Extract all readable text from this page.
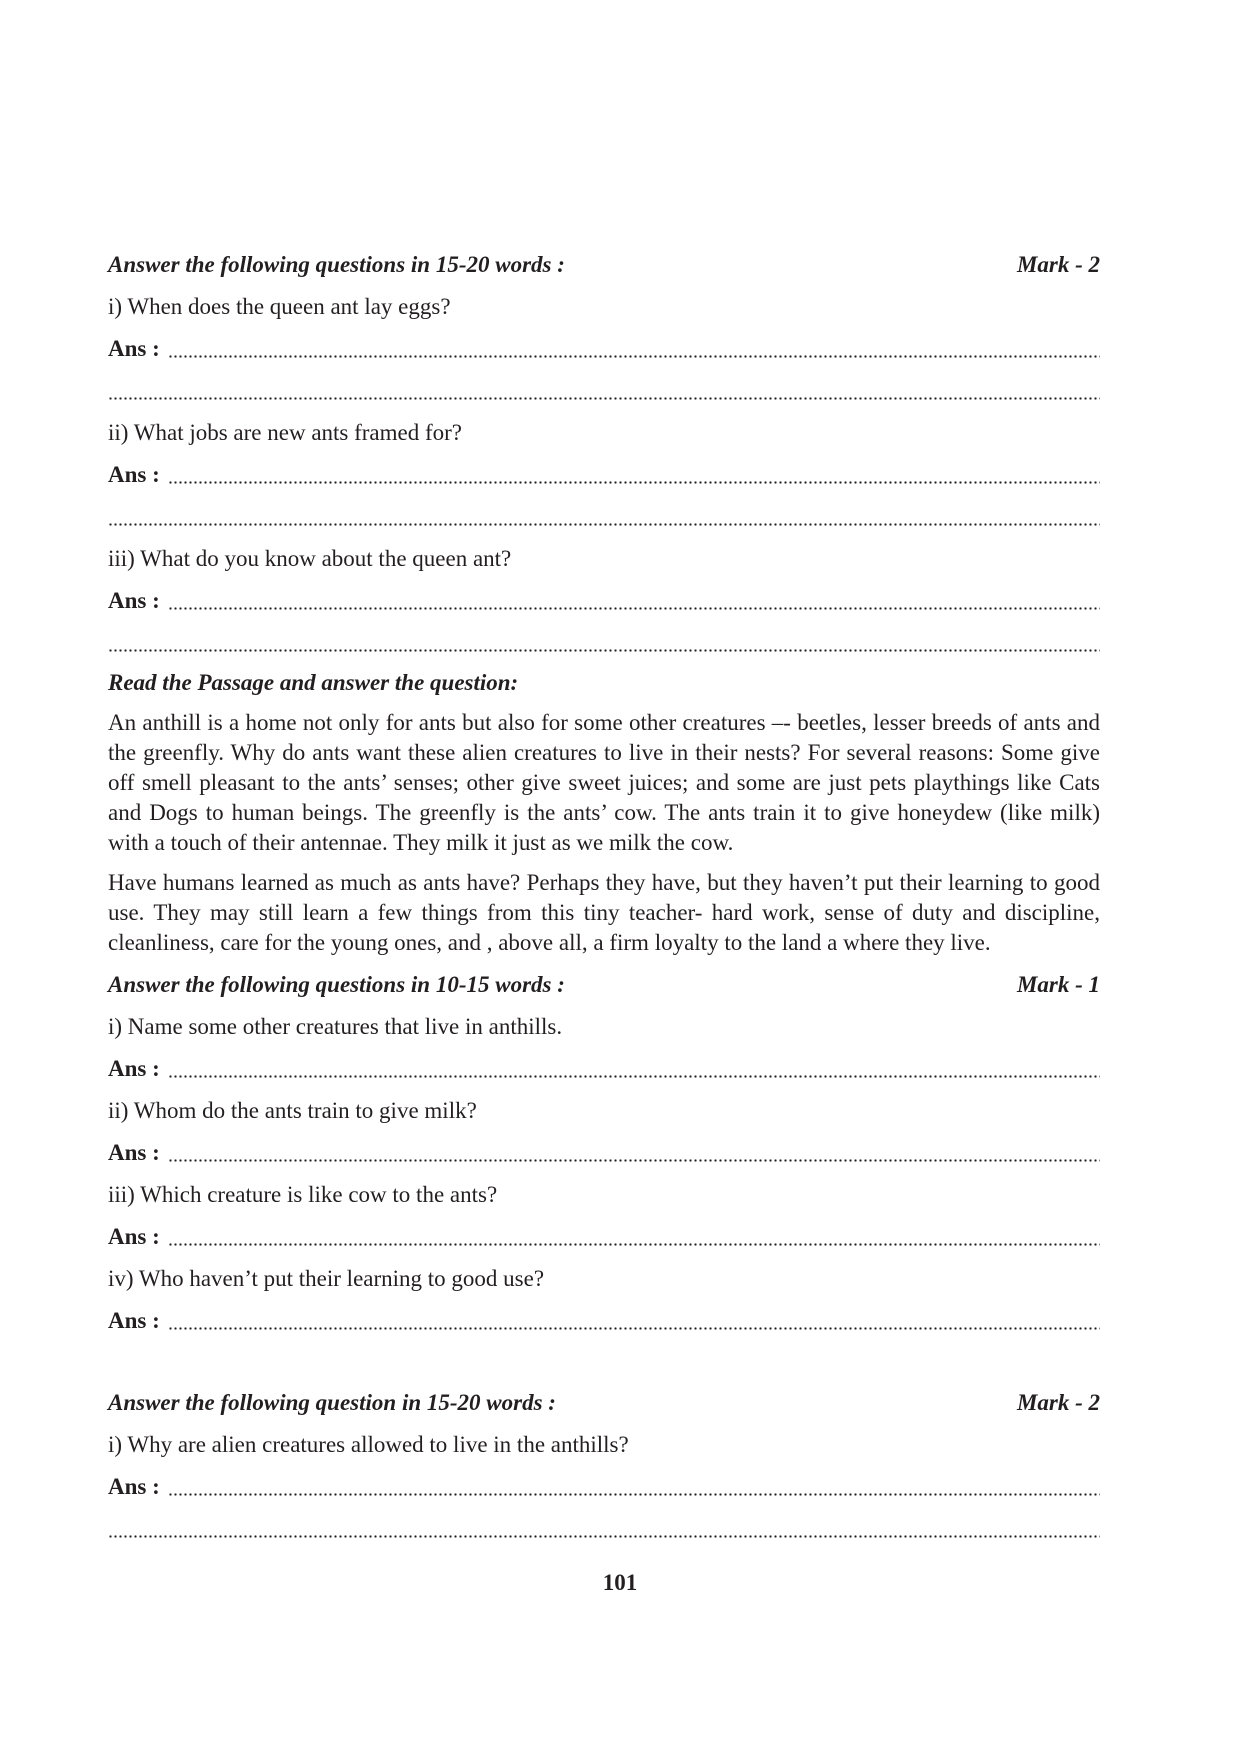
Answer the following questions in 15-20 words :	Mark - 2
i) When does the queen ant lay eggs?
Ans :
ii) What jobs are new ants framed for?
Ans :
iii) What do you know about the queen ant?
Ans :
Read the Passage and answer the question:
An anthill is a home not only for ants but also for some other creatures –- beetles, lesser breeds of ants and the greenfly. Why do ants want these alien creatures to live in their nests? For several reasons: Some give off smell pleasant to the ants’ senses; other give sweet juices; and some are just pets playthings like Cats and Dogs to human beings. The greenfly is the ants’ cow. The ants train it to give honeydew (like milk) with a touch of their antennae. They milk it just as we milk the cow.
Have humans learned as much as ants have? Perhaps they have, but they haven’t put their learning to good use. They may still learn a few things from this tiny teacher- hard work, sense of duty and discipline, cleanliness, care for the young ones, and , above all, a firm loyalty to the land a where they live.
Answer the following questions in 10-15 words :	Mark - 1
i) Name some other creatures that live in anthills.
Ans :
ii) Whom do the ants train to give milk?
Ans :
iii) Which creature is like cow to the ants?
Ans :
iv) Who haven’t put their learning to good use?
Ans :
Answer the following question in 15-20 words :	Mark - 2
i) Why are alien creatures allowed to live in the anthills?
Ans :
101
